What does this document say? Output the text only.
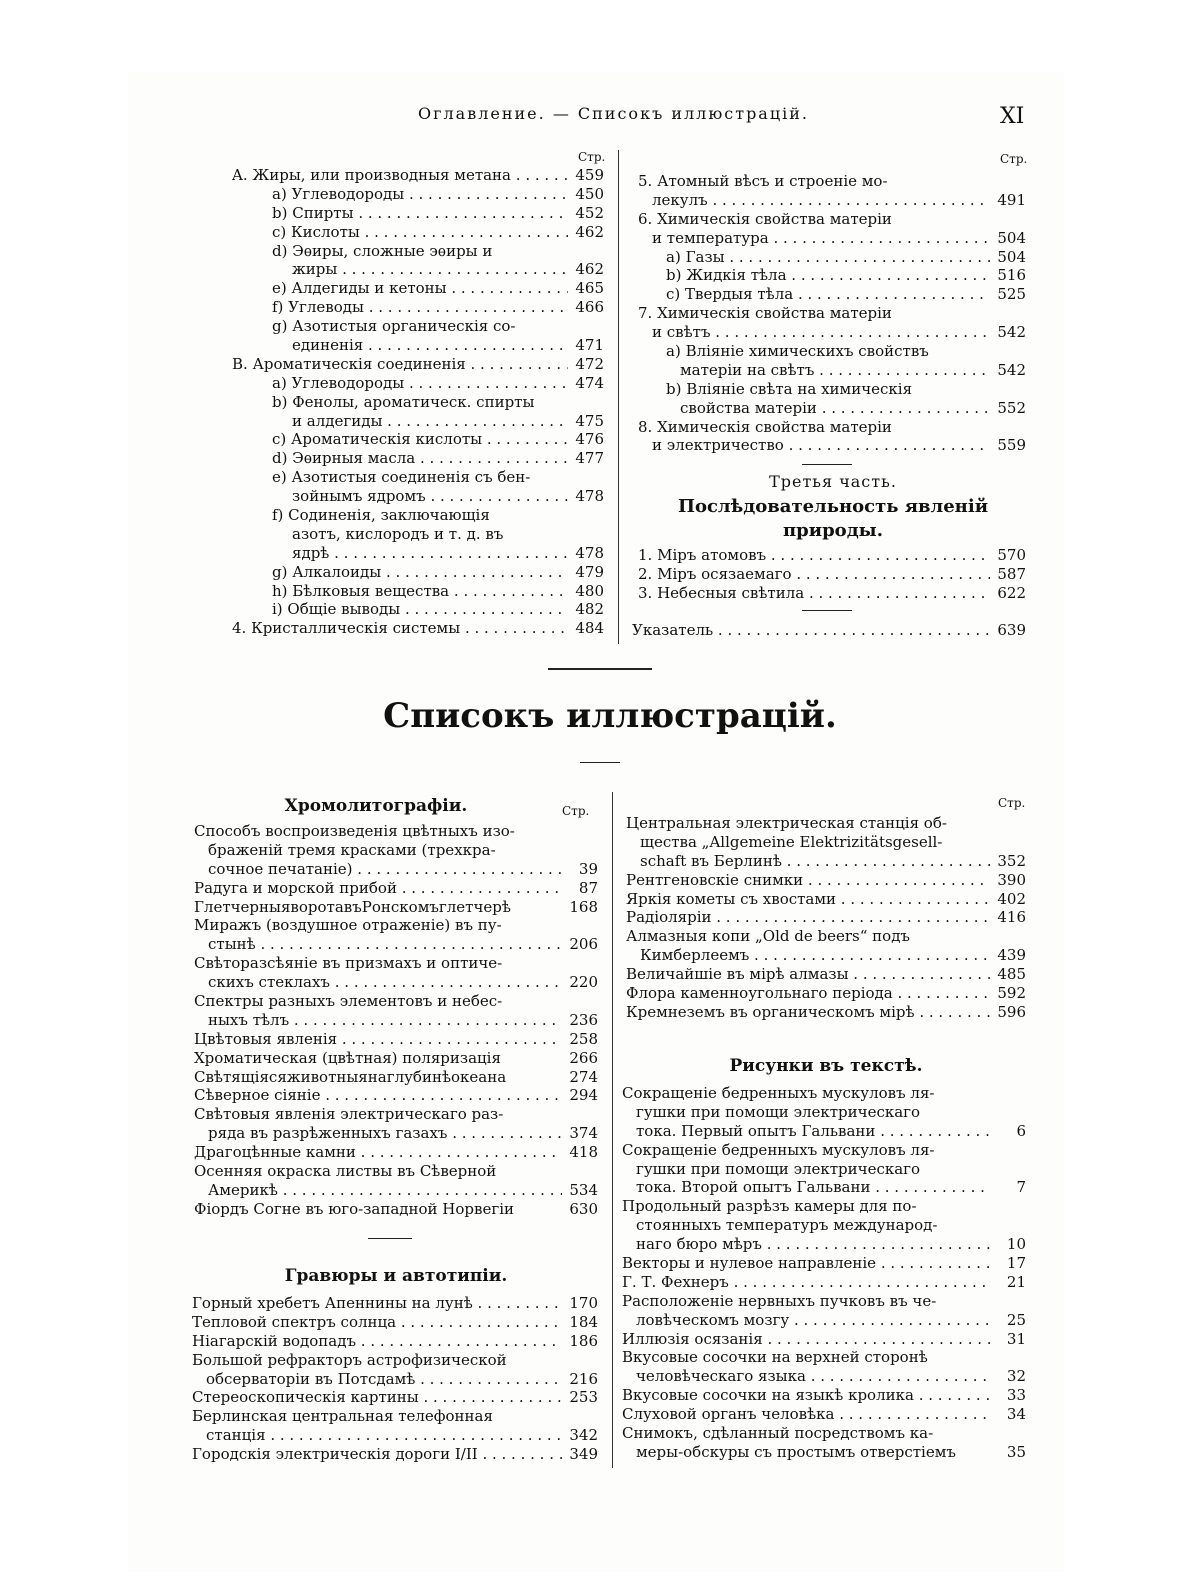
Оглавление. — Списокъ иллюстрацій.	XI
Стр.	Стр.
A. Жиры, или производныя метана . . .	459
a) Углеводороды . . .	450
b) Спирты . . .	452
c) Кислоты . . .	462
d) Эѳиры, сложные эѳиры и
жиры . . .	462
e) Алдегиды и кетоны . . .	465
f) Углеводы . . .	466
g) Азотистыя органическія со-
единенія . . .	471
B. Ароматическія соединенія . . .	472
a) Углеводороды . . .	474
b) Фенолы, ароматическ. спирты
и алдегиды . . .	475
c) Ароматическія кислоты . . .	476
d) Эѳирныя масла . . .	477
e) Азотистыя соединенія съ бен-
зойнымъ ядромъ . . .	478
f) Содиненія, заключающія
азотъ, кислородъ и т. д. въ
ядрѣ . . .	478
g) Алкалоиды . . .	479
h) Бѣлковыя вещества . . .	480
i) Общіе выводы . . .	482
4. Кристаллическія системы . . .	484
5. Атомный вѣсъ и строеніе мо-
лекулъ . . .	491
6. Химическія свойства матеріи
и температура . . .	504
a) Газы . . .	504
b) Жидкія тѣла . . .	516
c) Твердыя тѣла . . .	525
7. Химическія свойства матеріи
и свѣтъ . . .	542
a) Вліяніе химическихъ свойствъ
матеріи на свѣтъ . . .	542
b) Вліяніе свѣта на химическія
свойства матеріи . . .	552
8. Химическія свойства матеріи
и электричество . . .	559
Третья часть.
Послѣдовательность явленій
природы.
1. Міръ атомовъ . . .	570
2. Міръ осязаемаго . . .	587
3. Небесныя свѣтила . . .	622
Указатель . . .	639
Списокъ иллюстрацій.
Стр.
Стр.
Хромолитографіи.
Способъ воспроизведенія цвѣтныхъ изо-
браженій тремя красками (трехкра-
сочное печатаніе) . . .	39
Радуга и морской прибой . . .	87
ГлетчерныяворотавъРонскомъглетчерѣ	168
Миражъ (воздушное отраженіе) въ пу-
стынѣ . . .	206
Свѣторазсѣяніе въ призмахъ и оптиче-
скихъ стеклахъ . . .	220
Спектры разныхъ элементовъ и небес-
ныхъ тѣлъ . . .	236
Цвѣтовыя явленія . . .	258
Хроматическая (цвѣтная) поляризація	266
Свѣтящіясяживотныянаглубинѣокеана	274
Сѣверное сіяніе . . .	294
Свѣтовыя явленія электрическаго раз-
ряда въ разрѣженныхъ газахъ . . .	374
Драгоцѣнные камни . . .	418
Осенняя окраска листвы въ Сѣверной
Америкѣ . . .	534
Фіордъ Согне въ юго-западной Норвегіи	630
Гравюры и автотипіи.
Горный хребетъ Апеннины на лунѣ . . .	170
Тепловой спектръ солнца . . .	184
Ніагарскій водопадъ . . .	186
Большой рефракторъ астрофизической
обсерваторіи въ Потсдамѣ . . .	216
Стереоскопическія картины . . .	253
Берлинская центральная телефонная
станція . . .	342
Городскія электрическія дороги I/II . . .	349
Центральная электрическая станція об-
щества „Allgemeine Elektrizitätsgesell-
schaft въ Берлинѣ . . .	352
Рентгеновскіе снимки . . .	390
Яркія кометы съ хвостами . . .	402
Радіоляріи . . .	416
Алмазныя копи „Old de beers“ подъ
Кимберлеемъ . . .	439
Величайшіе въ мірѣ алмазы . . .	485
Флора каменноугольнаго періода . . .	592
Кремнеземъ въ органическомъ мірѣ . . .	596
Рисунки въ текстѣ.
Сокращеніе бедренныхъ мускуловъ ля-
гушки при помощи электрическаго
тока. Первый опытъ Гальвани . . .	6
Сокращеніе бедренныхъ мускуловъ ля-
гушки при помощи электрическаго
тока. Второй опытъ Гальвани . . .	7
Продольный разрѣзъ камеры для по-
стоянныхъ температуръ международ-
наго бюро мѣръ . . .	10
Векторы и нулевое направленіе . . .	17
Г. Т. Фехнеръ . . .	21
Расположеніе нервныхъ пучковъ въ че-
ловѣческомъ мозгу . . .	25
Иллюзія осязанія . . .	31
Вкусовые сосочки на верхней сторонѣ
человѣческаго языка . . .	32
Вкусовые сосочки на языкѣ кролика . . .	33
Слуховой органъ человѣка . . .	34
Снимокъ, сдѣланный посредствомъ ка-
меры-обскуры съ простымъ отверстіемъ	35
